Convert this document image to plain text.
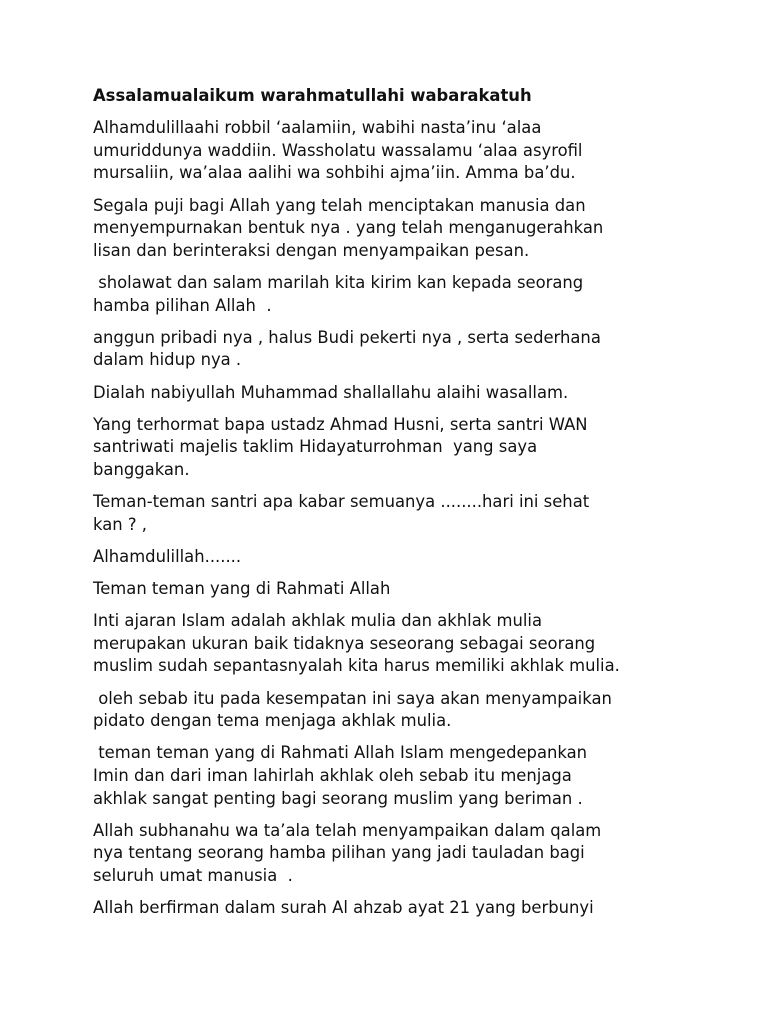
Assalamualaikum warahmatullahi wabarakatuh

Alhamdulillaahi robbil ‘aalamiin, wabihi nasta’inu ‘alaa
umuriddunya waddiin. Wassholatu wassalamu ‘alaa asyrofil
mursaliin, wa’alaa aalihi wa sohbihi ajma’iin. Amma ba’du.

Segala puji bagi Allah yang telah menciptakan manusia dan
menyempurnakan bentuk nya . yang telah menganugerahkan
lisan dan berinteraksi dengan menyampaikan pesan.

sholawat dan salam marilah kita kirim kan kepada seorang
hamba pilihan Allah  .

anggun pribadi nya , halus Budi pekerti nya , serta sederhana
dalam hidup nya .

Dialah nabiyullah Muhammad shallallahu alaihi wasallam.

Yang terhormat bapa ustadz Ahmad Husni, serta santri WAN
santriwati majelis taklim Hidayaturrohman  yang saya
banggakan.

Teman-teman santri apa kabar semuanya ........hari ini sehat
kan ? ,

Alhamdulillah.......

Teman teman yang di Rahmati Allah

Inti ajaran Islam adalah akhlak mulia dan akhlak mulia
merupakan ukuran baik tidaknya seseorang sebagai seorang
muslim sudah sepantasnyalah kita harus memiliki akhlak mulia.

oleh sebab itu pada kesempatan ini saya akan menyampaikan
pidato dengan tema menjaga akhlak mulia.

teman teman yang di Rahmati Allah Islam mengedepankan
Imin dan dari iman lahirlah akhlak oleh sebab itu menjaga
akhlak sangat penting bagi seorang muslim yang beriman .

Allah subhanahu wa ta’ala telah menyampaikan dalam qalam
nya tentang seorang hamba pilihan yang jadi tauladan bagi
seluruh umat manusia  .

Allah berfirman dalam surah Al ahzab ayat 21 yang berbunyi
